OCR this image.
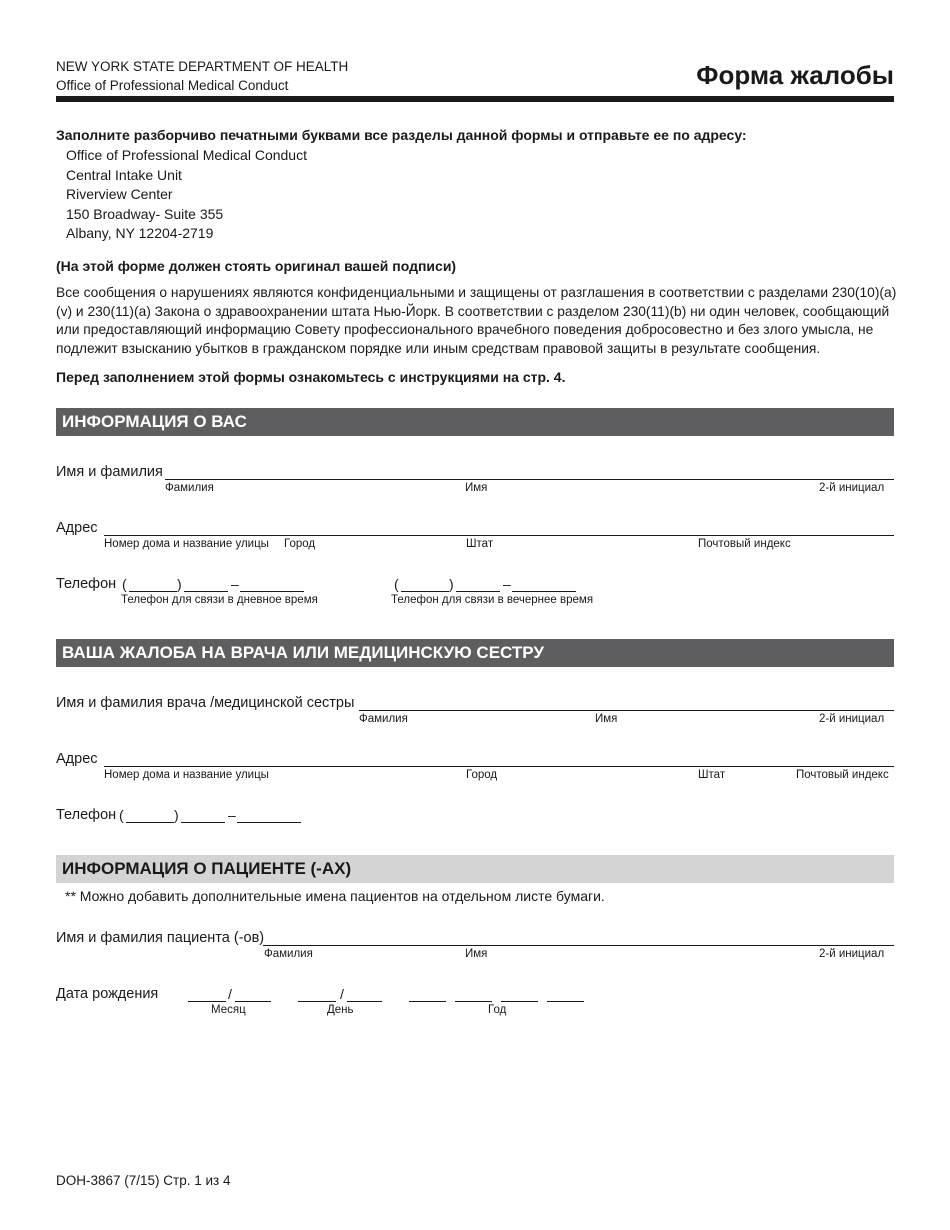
NEW YORK STATE DEPARTMENT OF HEALTH
Office of Professional Medical Conduct	Форма жалобы
Заполните разборчиво печатными буквами все разделы данной формы и отправьте ее по адресу:
Office of Professional Medical Conduct
Central Intake Unit
Riverview Center
150 Broadway- Suite 355
Albany, NY 12204-2719
(На этой форме должен стоять оригинал вашей подписи)
Все сообщения о нарушениях являются конфиденциальными и защищены от разглашения в соответствии с разделами 230(10)(a)(v) и 230(11)(a) Закона о здравоохранении штата Нью-Йорк. В соответствии с разделом 230(11)(b) ни один человек, сообщающий или предоставляющий информацию Совету профессионального врачебного поведения добросовестно и без злого умысла, не подлежит взысканию убытков в гражданском порядке или иным средствам правовой защиты в результате сообщения.
Перед заполнением этой формы ознакомьтесь с инструкциями на стр. 4.
ИНФОРМАЦИЯ О ВАС
Имя и фамилия
Фамилия	Имя	2-й инициал
Адрес
Номер дома и название улицы Город	Штат	Почтовый индекс
Телефон (	)	–
Телефон для связи в дневное время
(	)	–
Телефон для связи в вечернее время
ВАША ЖАЛОБА НА ВРАЧА ИЛИ МЕДИЦИНСКУЮ СЕСТРУ
Имя и фамилия врача /медицинской сестры
Фамилия	Имя	2-й инициал
Адрес
Номер дома и название улицы	Город	Штат	Почтовый индекс
Телефон (	)	–
ИНФОРМАЦИЯ О ПАЦИЕНТЕ (-АХ)
** Можно добавить дополнительные имена пациентов на отдельном листе бумаги.
Имя и фамилия пациента (-ов)
Фамилия	Имя	2-й инициал
Дата рождения	/	/
Месяц	День	Год
DOH-3867 (7/15) Стр. 1 из 4
